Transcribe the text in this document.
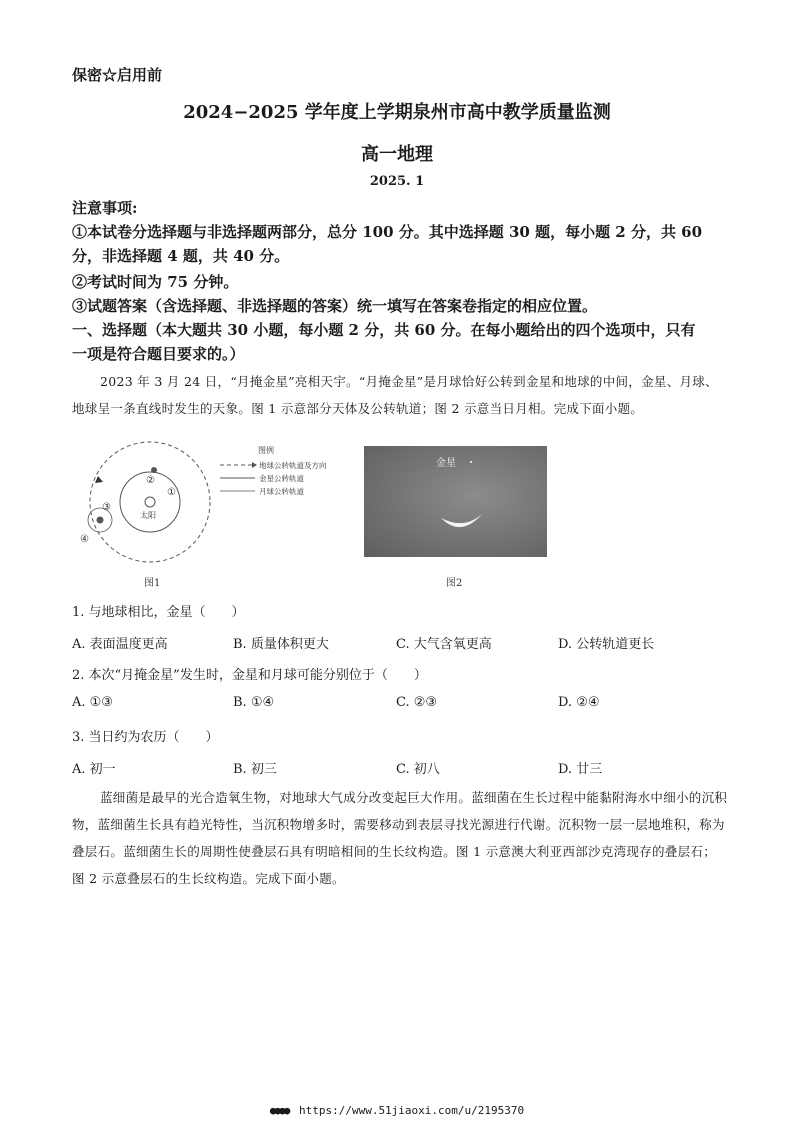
保密☆启用前
2024−2025 学年度上学期泉州市高中教学质量监测
高一地理
2025. 1
注意事项:
①本试卷分选择题与非选择题两部分，总分 100 分。其中选择题 30 题，每小题 2 分，共 60
分，非选择题 4 题，共 40 分。
②考试时间为 75 分钟。
③试题答案（含选择题、非选择题的答案）统一填写在答案卷指定的相应位置。
一、选择题（本大题共 30 小题，每小题 2 分，共 60 分。在每小题给出的四个选项中，只有
一项是符合题目要求的。）
2023 年 3 月 24 日，“月掩金星”亮相天宇。“月掩金星”是月球恰好公转到金星和地球的中间，金星、月球、地球呈一条直线时发生的天象。图 1 示意部分天体及公转轨道；图 2 示意当日月相。完成下面小题。
太阳
①
②
③
④
图例
地球公转轨道及方向
金星公转轨道
月球公转轨道
图1
金星
图2
1. 与地球相比，金星（　　）
A. 表面温度更高	B. 质量体积更大	C. 大气含氧更高	D. 公转轨道更长
2. 本次“月掩金星”发生时，金星和月球可能分别位于（　　）
A. ①③	B. ①④	C. ②③	D. ②④
3. 当日约为农历（　　）
A. 初一	B. 初三	C. 初八	D. 廿三
蓝细菌是最早的光合造氧生物，对地球大气成分改变起巨大作用。蓝细菌在生长过程中能黏附海水中细小的沉积物，蓝细菌生长具有趋光特性，当沉积物增多时，需要移动到表层寻找光源进行代谢。沉积物一层一层地堆积，称为叠层石。蓝细菌生长的周期性使叠层石具有明暗相间的生长纹构造。图 1 示意澳大利亚西部沙克湾现存的叠层石；图 2 示意叠层石的生长纹构造。完成下面小题。
●●●● https://www.51jiaoxi.com/u/2195370
